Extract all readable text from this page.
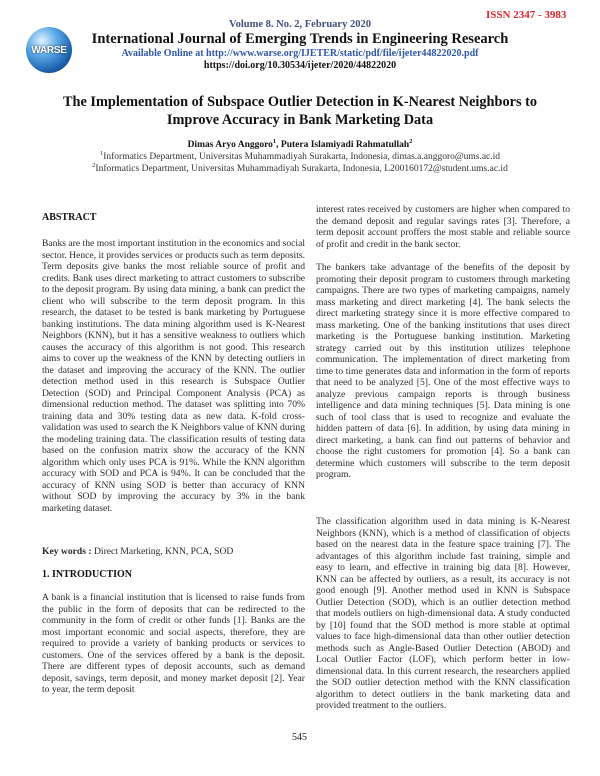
ISSN 2347 - 3983
WARSE
Volume 8. No. 2, February 2020
International Journal of Emerging Trends in Engineering Research
Available Online at http://www.warse.org/IJETER/static/pdf/file/ijeter44822020.pdf
https://doi.org/10.30534/ijeter/2020/44822020
The Implementation of Subspace Outlier Detection in K-Nearest Neighbors to Improve Accuracy in Bank Marketing Data
Dimas Aryo Anggoro$^1$, Putera Islamiyadi Rahmatullah$^2$
$^1$Informatics Department, Universitas Muhammadiyah Surakarta, Indonesia, dimas.a.anggoro@ums.ac.id
$^2$Informatics Department, Universitas Muhammadiyah Surakarta, Indonesia, L200160172@student.ums.ac.id
ABSTRACT
Banks are the most important institution in the economics and social sector. Hence, it provides services or products such as term deposits. Term deposits give banks the most reliable source of profit and credits. Bank uses direct marketing to attract customers to subscribe to the deposit program. By using data mining, a bank can predict the client who will subscribe to the term deposit program. In this research, the dataset to be tested is bank marketing by Portuguese banking institutions. The data mining algorithm used is K-Nearest Neighbors (KNN), but it has a sensitive weakness to outliers which causes the accuracy of this algorithm is not good. This research aims to cover up the weakness of the KNN by detecting outliers in the dataset and improving the accuracy of the KNN. The outlier detection method used in this research is Subspace Outlier Detection (SOD) and Principal Component Analysis (PCA) as dimensional reduction method. The dataset was splitting into 70% training data and 30% testing data as new data. K-fold cross-validation was used to search the K Neighbors value of KNN during the modeling training data. The classification results of testing data based on the confusion matrix show the accuracy of the KNN algorithm which only uses PCA is 91%. While the KNN algorithm accuracy with SOD and PCA is 94%. It can be concluded that the accuracy of KNN using SOD is better than accuracy of KNN without SOD by improving the accuracy by 3% in the bank marketing dataset.
Key words : Direct Marketing, KNN, PCA, SOD
1. INTRODUCTION
A bank is a financial institution that is licensed to raise funds from the public in the form of deposits that can be redirected to the community in the form of credit or other funds [1]. Banks are the most important economic and social aspects, therefore, they are required to provide a variety of banking products or services to customers. One of the services offered by a bank is the deposit. There are different types of deposit accounts, such as demand deposit, savings, term deposit, and money market deposit [2]. Year to year, the term deposit
interest rates received by customers are higher when compared to the demand deposit and regular savings rates [3]. Therefore, a term deposit account proffers the most stable and reliable source of profit and credit in the bank sector.
The bankers take advantage of the benefits of the deposit by promoting their deposit program to customers through marketing campaigns. There are two types of marketing campaigns, namely mass marketing and direct marketing [4]. The bank selects the direct marketing strategy since it is more effective compared to mass marketing. One of the banking institutions that uses direct marketing is the Portuguese banking institution. Marketing strategy carried out by this institution utilizes telephone communication. The implementation of direct marketing from time to time generates data and information in the form of reports that need to be analyzed [5]. One of the most effective ways to analyze previous campaign reports is through business intelligence and data mining techniques [5]. Data mining is one such of tool class that is used to recognize and evaluate the hidden pattern of data [6]. In addition, by using data mining in direct marketing, a bank can find out patterns of behavior and choose the right customers for promotion [4]. So a bank can determine which customers will subscribe to the term deposit program.
The classification algorithm used in data mining is K-Nearest Neighbors (KNN), which is a method of classification of objects based on the nearest data in the feature space training [7]. The advantages of this algorithm include fast training, simple and easy to learn, and effective in training big data [8]. However, KNN can be affected by outliers, as a result, its accuracy is not good enough [9]. Another method used in KNN is Subspace Outlier Detection (SOD), which is an outlier detection method that models outliers on high-dimensional data. A study conducted by [10] found that the SOD method is more stable at optimal values to face high-dimensional data than other outlier detection methods such as Angle-Based Outlier Detection (ABOD) and Local Outlier Factor (LOF), which perform better in low-dimensional data. In this current research, the researchers applied the SOD outlier detection method with the KNN classification algorithm to detect outliers in the bank marketing data and provided treatment to the outliers.
545
